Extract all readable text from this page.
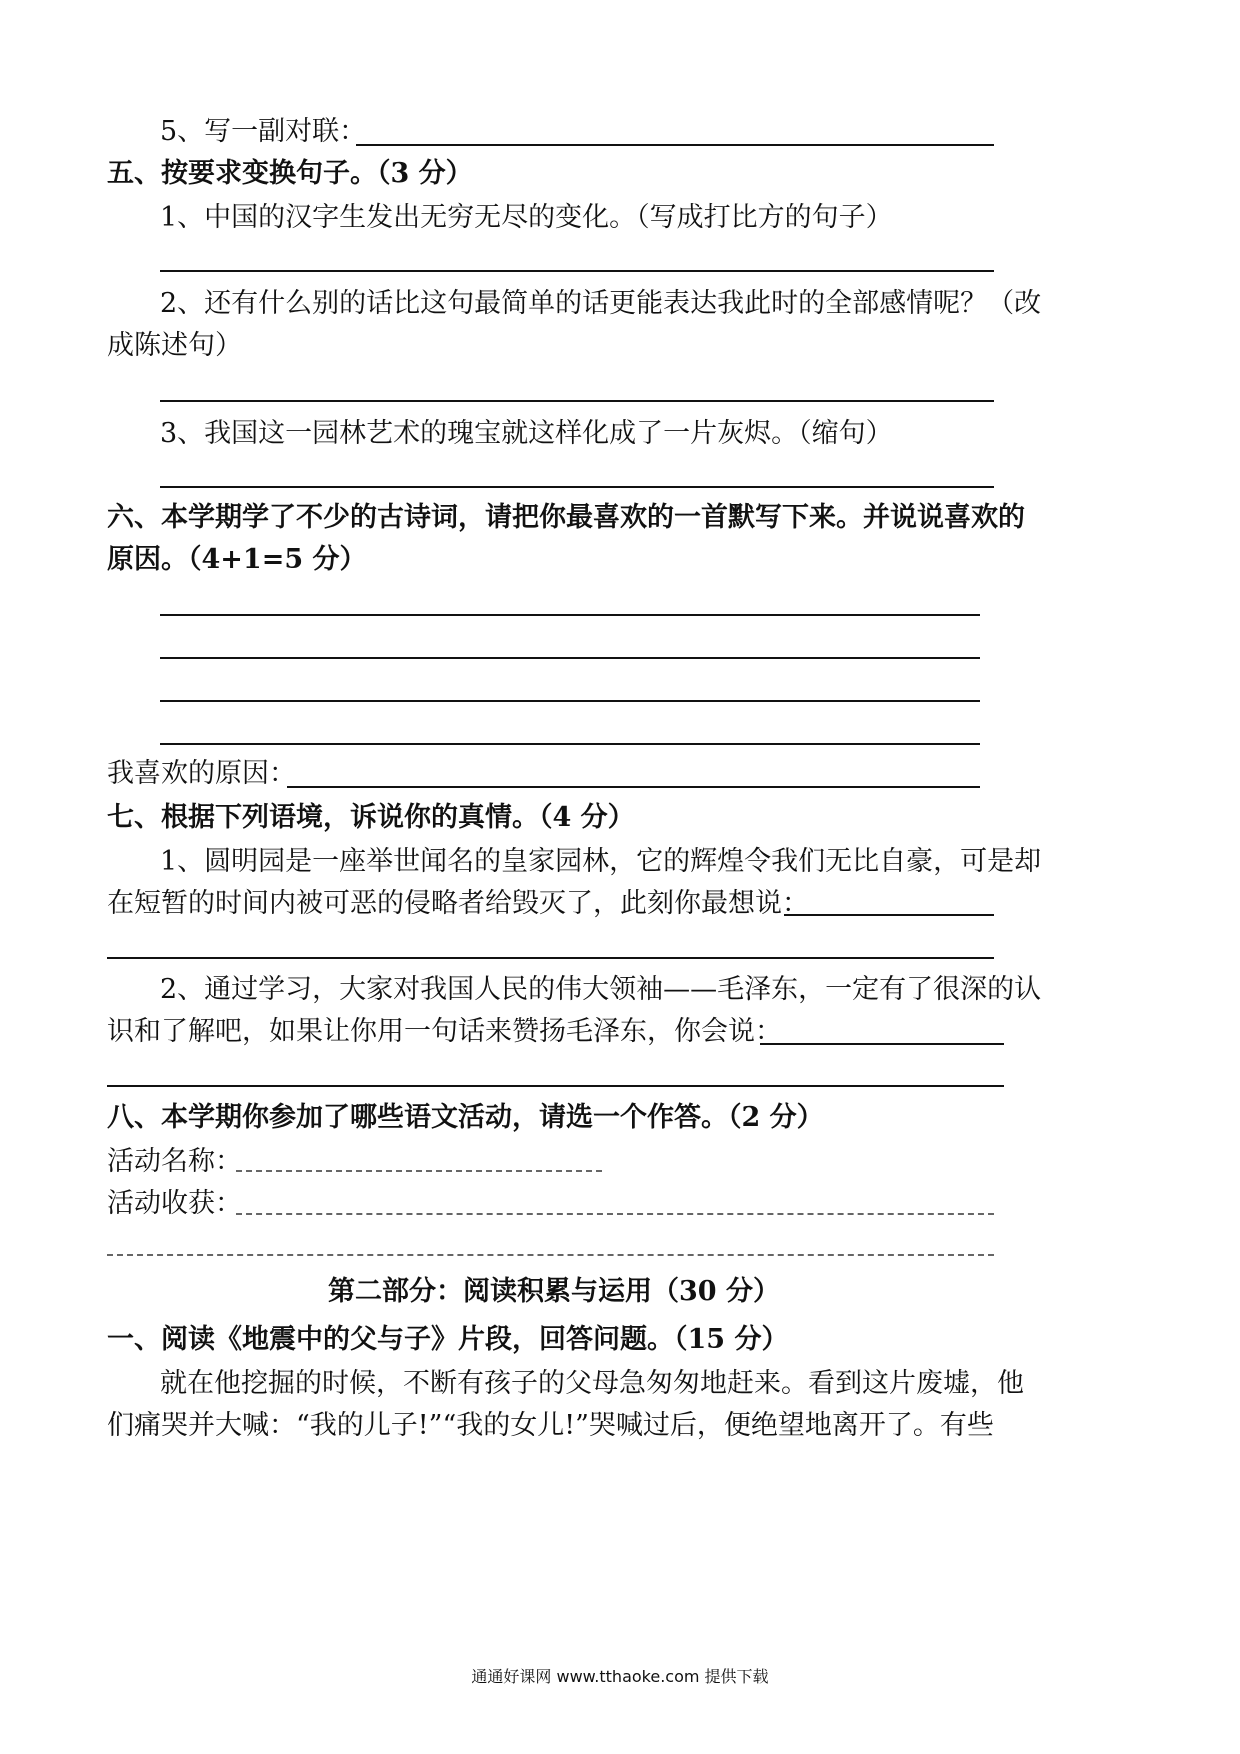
5、写一副对联：
五、按要求变换句子。（3 分）
1、中国的汉字生发出无穷无尽的变化。（写成打比方的句子）
2、还有什么别的话比这句最简单的话更能表达我此时的全部感情呢？（改
成陈述句）
3、我国这一园林艺术的瑰宝就这样化成了一片灰烬。（缩句）
六、本学期学了不少的古诗词，请把你最喜欢的一首默写下来。并说说喜欢的
原因。（4+1=5 分）
我喜欢的原因：
七、根据下列语境，诉说你的真情。（4 分）
1、圆明园是一座举世闻名的皇家园林，它的辉煌令我们无比自豪，可是却
在短暂的时间内被可恶的侵略者给毁灭了，此刻你最想说：
2、通过学习，大家对我国人民的伟大领袖——毛泽东，一定有了很深的认
识和了解吧，如果让你用一句话来赞扬毛泽东，你会说：
八、本学期你参加了哪些语文活动，请选一个作答。（2 分）
活动名称：
活动收获：
第二部分：阅读积累与运用（30 分）
一、阅读《地震中的父与子》片段，回答问题。（15 分）
就在他挖掘的时候，不断有孩子的父母急匆匆地赶来。看到这片废墟，他
们痛哭并大喊：“我的儿子!”“我的女儿!”哭喊过后，便绝望地离开了。有些
通通好课网 www.tthaoke.com 提供下载
